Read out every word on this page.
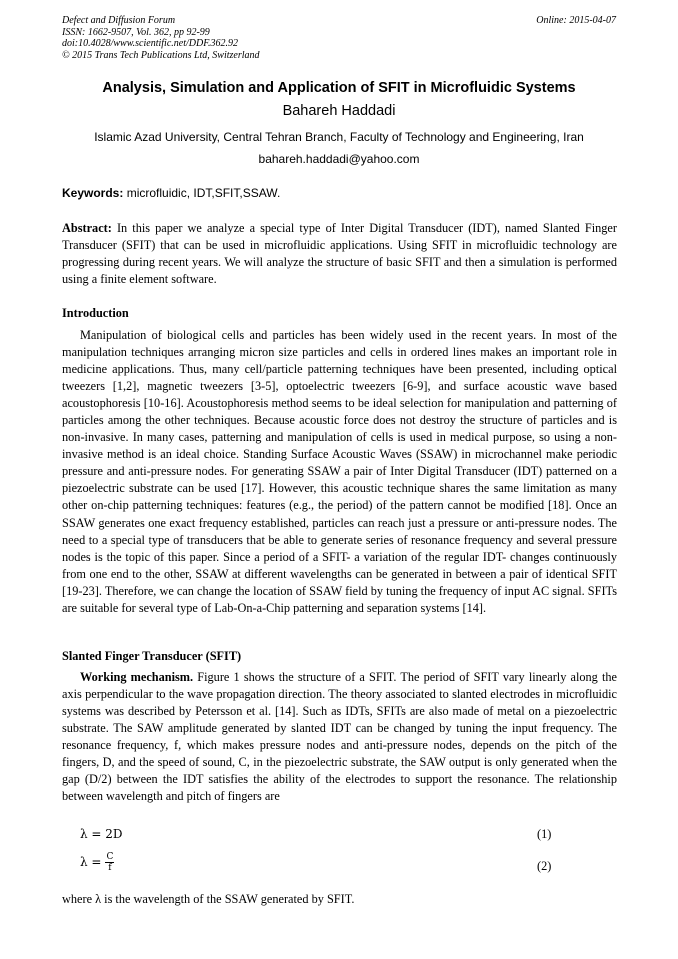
Defect and Diffusion Forum
ISSN: 1662-9507, Vol. 362, pp 92-99
doi:10.4028/www.scientific.net/DDF.362.92
© 2015 Trans Tech Publications Ltd, Switzerland
Online: 2015-04-07
Analysis, Simulation and Application of SFIT in Microfluidic Systems
Bahareh Haddadi
Islamic Azad University, Central Tehran Branch, Faculty of Technology and Engineering, Iran
bahareh.haddadi@yahoo.com
Keywords: microfluidic, IDT,SFIT,SSAW.
Abstract: In this paper we analyze a special type of Inter Digital Transducer (IDT), named Slanted Finger Transducer (SFIT) that can be used in microfluidic applications. Using SFIT in microfluidic technology are progressing during recent years. We will analyze the structure of basic SFIT and then a simulation is performed using a finite element software.
Introduction
Manipulation of biological cells and particles has been widely used in the recent years. In most of the manipulation techniques arranging micron size particles and cells in ordered lines makes an important role in medicine applications. Thus, many cell/particle patterning techniques have been presented, including optical tweezers [1,2], magnetic tweezers [3-5], optoelectric tweezers [6-9], and surface acoustic wave based acoustophoresis [10-16]. Acoustophoresis method seems to be ideal selection for manipulation and patterning of particles among the other techniques. Because acoustic force does not destroy the structure of particles and is non-invasive. In many cases, patterning and manipulation of cells is used in medical purpose, so using a non-invasive method is an ideal choice. Standing Surface Acoustic Waves (SSAW) in microchannel make periodic pressure and anti-pressure nodes. For generating SSAW a pair of Inter Digital Transducer (IDT) patterned on a piezoelectric substrate can be used [17]. However, this acoustic technique shares the same limitation as many other on-chip patterning techniques: features (e.g., the period) of the pattern cannot be modified [18]. Once an SSAW generates one exact frequency established, particles can reach just a pressure or anti-pressure nodes. The need to a special type of transducers that be able to generate series of resonance frequency and several pressure nodes is the topic of this paper. Since a period of a SFIT- a variation of the regular IDT- changes continuously from one end to the other, SSAW at different wavelengths can be generated in between a pair of identical SFIT [19-23]. Therefore, we can change the location of SSAW field by tuning the frequency of input AC signal. SFITs are suitable for several type of Lab-On-a-Chip patterning and separation systems [14].
Slanted Finger Transducer (SFIT)
Working mechanism. Figure 1 shows the structure of a SFIT. The period of SFIT vary linearly along the axis perpendicular to the wave propagation direction. The theory associated to slanted electrodes in microfluidic systems was described by Petersson et al. [14]. Such as IDTs, SFITs are also made of metal on a piezoelectric substrate. The SAW amplitude generated by slanted IDT can be changed by tuning the input frequency. The resonance frequency, f, which makes pressure nodes and anti-pressure nodes, depends on the pitch of the fingers, D, and the speed of sound, C, in the piezoelectric substrate, the SAW output is only generated when the gap (D/2) between the IDT satisfies the ability of the electrodes to support the resonance. The relationship between wavelength and pitch of fingers are
λ = 2D	(1)
$\lambda = \frac{C}{f}$	(2)
where λ is the wavelength of the SSAW generated by SFIT.
